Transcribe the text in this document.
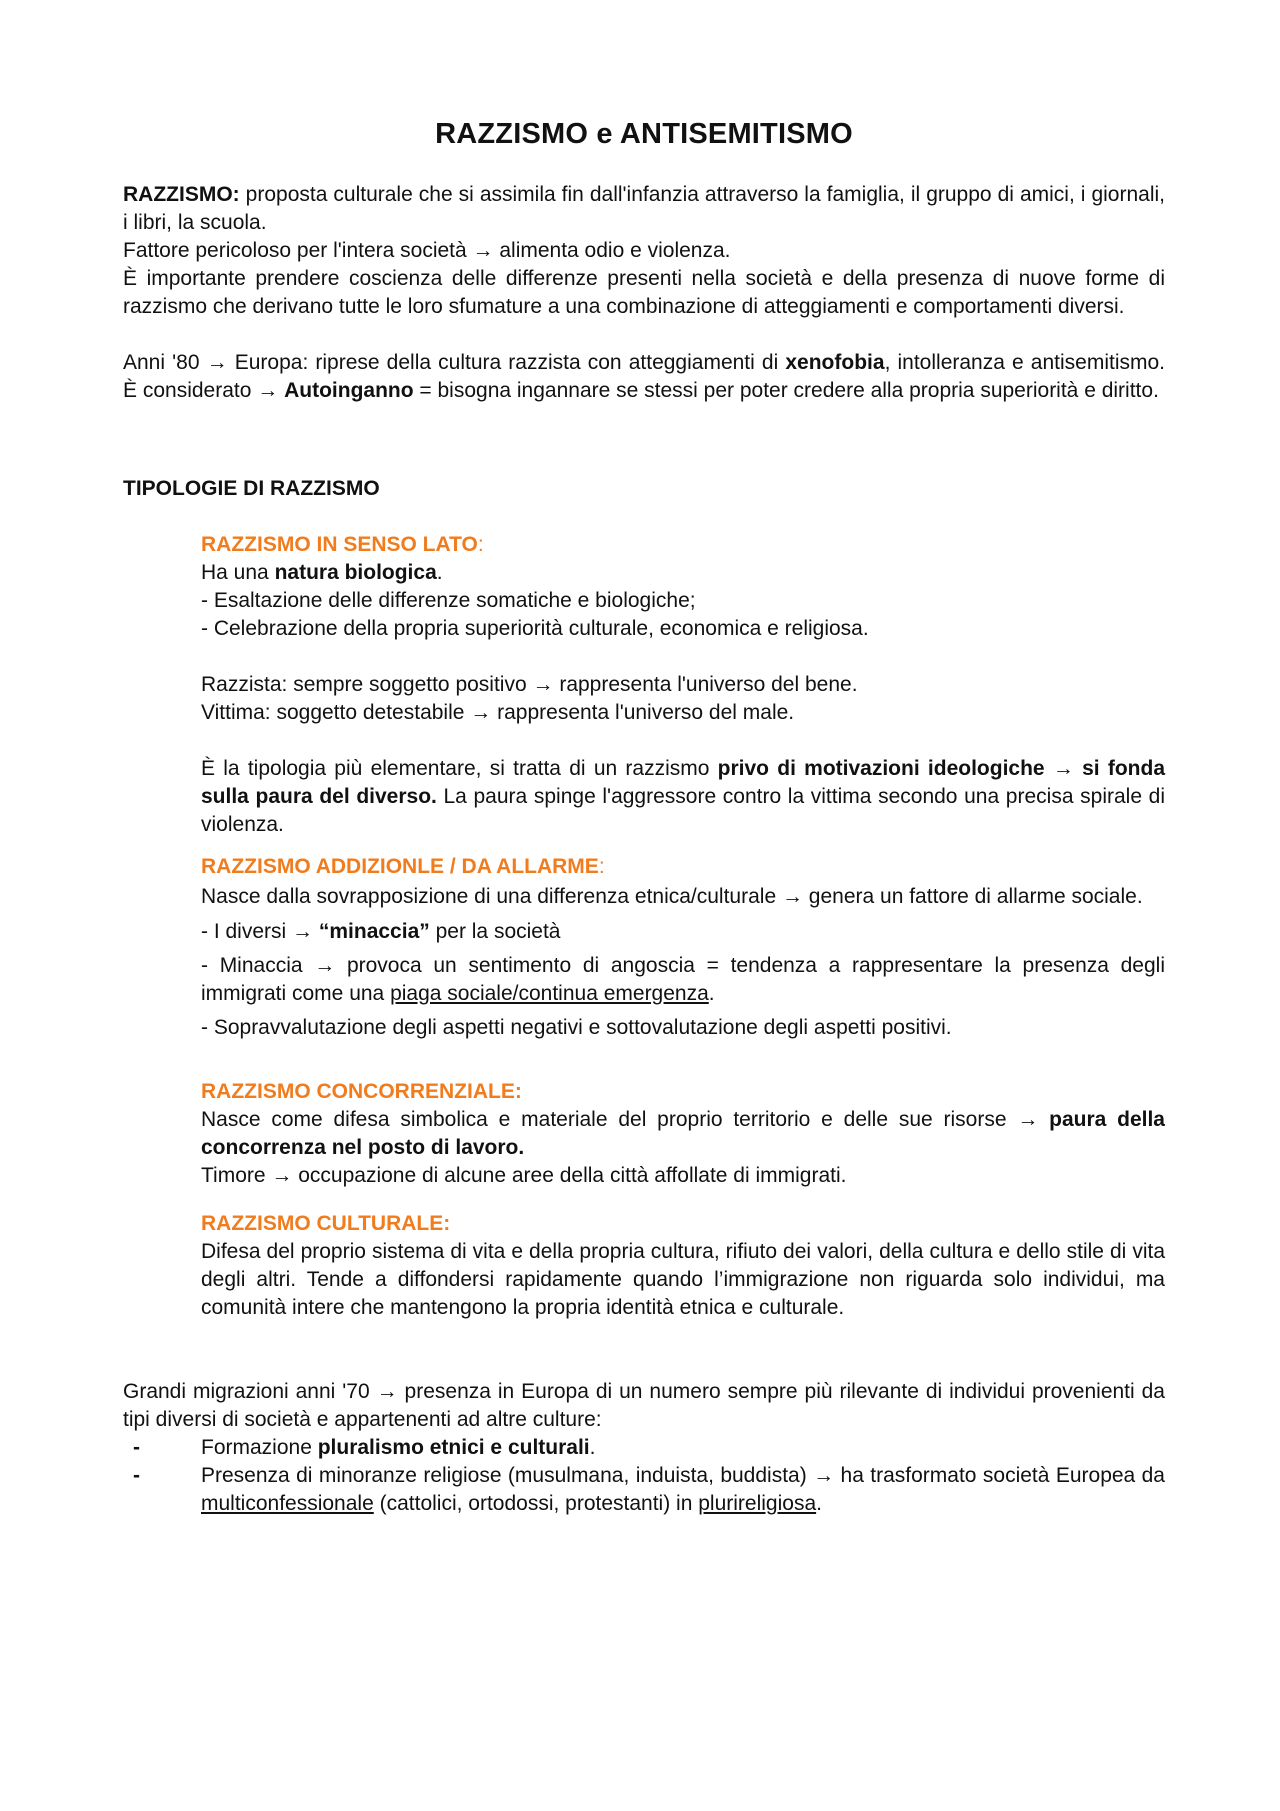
RAZZISMO e ANTISEMITISMO

RAZZISMO: proposta culturale che si assimila fin dall'infanzia attraverso la famiglia, il gruppo di amici, i giornali, i libri, la scuola.

Fattore pericoloso per l'intera società → alimenta odio e violenza.

È importante prendere coscienza delle differenze presenti nella società e della presenza di nuove forme di razzismo che derivano tutte le loro sfumature a una combinazione di atteggiamenti e comportamenti diversi.

Anni '80 → Europa: riprese della cultura razzista con atteggiamenti di xenofobia, intolleranza e antisemitismo. È considerato → Autoinganno = bisogna ingannare se stessi per poter credere alla propria superiorità e diritto.

TIPOLOGIE DI RAZZISMO

RAZZISMO IN SENSO LATO:

Ha una natura biologica.

- Esaltazione delle differenze somatiche e biologiche;

- Celebrazione della propria superiorità culturale, economica e religiosa.

Razzista: sempre soggetto positivo → rappresenta l'universo del bene.

Vittima: soggetto detestabile → rappresenta l'universo del male.

È la tipologia più elementare, si tratta di un razzismo privo di motivazioni ideologiche → si fonda sulla paura del diverso. La paura spinge l'aggressore contro la vittima secondo una precisa spirale di violenza.

RAZZISMO ADDIZIONLE / DA ALLARME:

Nasce dalla sovrapposizione di una differenza etnica/culturale → genera un fattore di allarme sociale.

- I diversi → “minaccia” per la società

- Minaccia → provoca un sentimento di angoscia = tendenza a rappresentare la presenza degli immigrati come una piaga sociale/continua emergenza.

- Sopravvalutazione degli aspetti negativi e sottovalutazione degli aspetti positivi.

RAZZISMO CONCORRENZIALE:

Nasce come difesa simbolica e materiale del proprio territorio e delle sue risorse → paura della concorrenza nel posto di lavoro.

Timore → occupazione di alcune aree della città affollate di immigrati.

RAZZISMO CULTURALE:

Difesa del proprio sistema di vita e della propria cultura, rifiuto dei valori, della cultura e dello stile di vita degli altri. Tende a diffondersi rapidamente quando l’immigrazione non riguarda solo individui, ma comunità intere che mantengono la propria identità etnica e culturale.

Grandi migrazioni anni '70 → presenza in Europa di un numero sempre più rilevante di individui provenienti da tipi diversi di società e appartenenti ad altre culture:

-	Formazione pluralismo etnici e culturali.
-	Presenza di minoranze religiose (musulmana, induista, buddista) → ha trasformato società Europea da multiconfessionale (cattolici, ortodossi, protestanti) in plurireligiosa.
